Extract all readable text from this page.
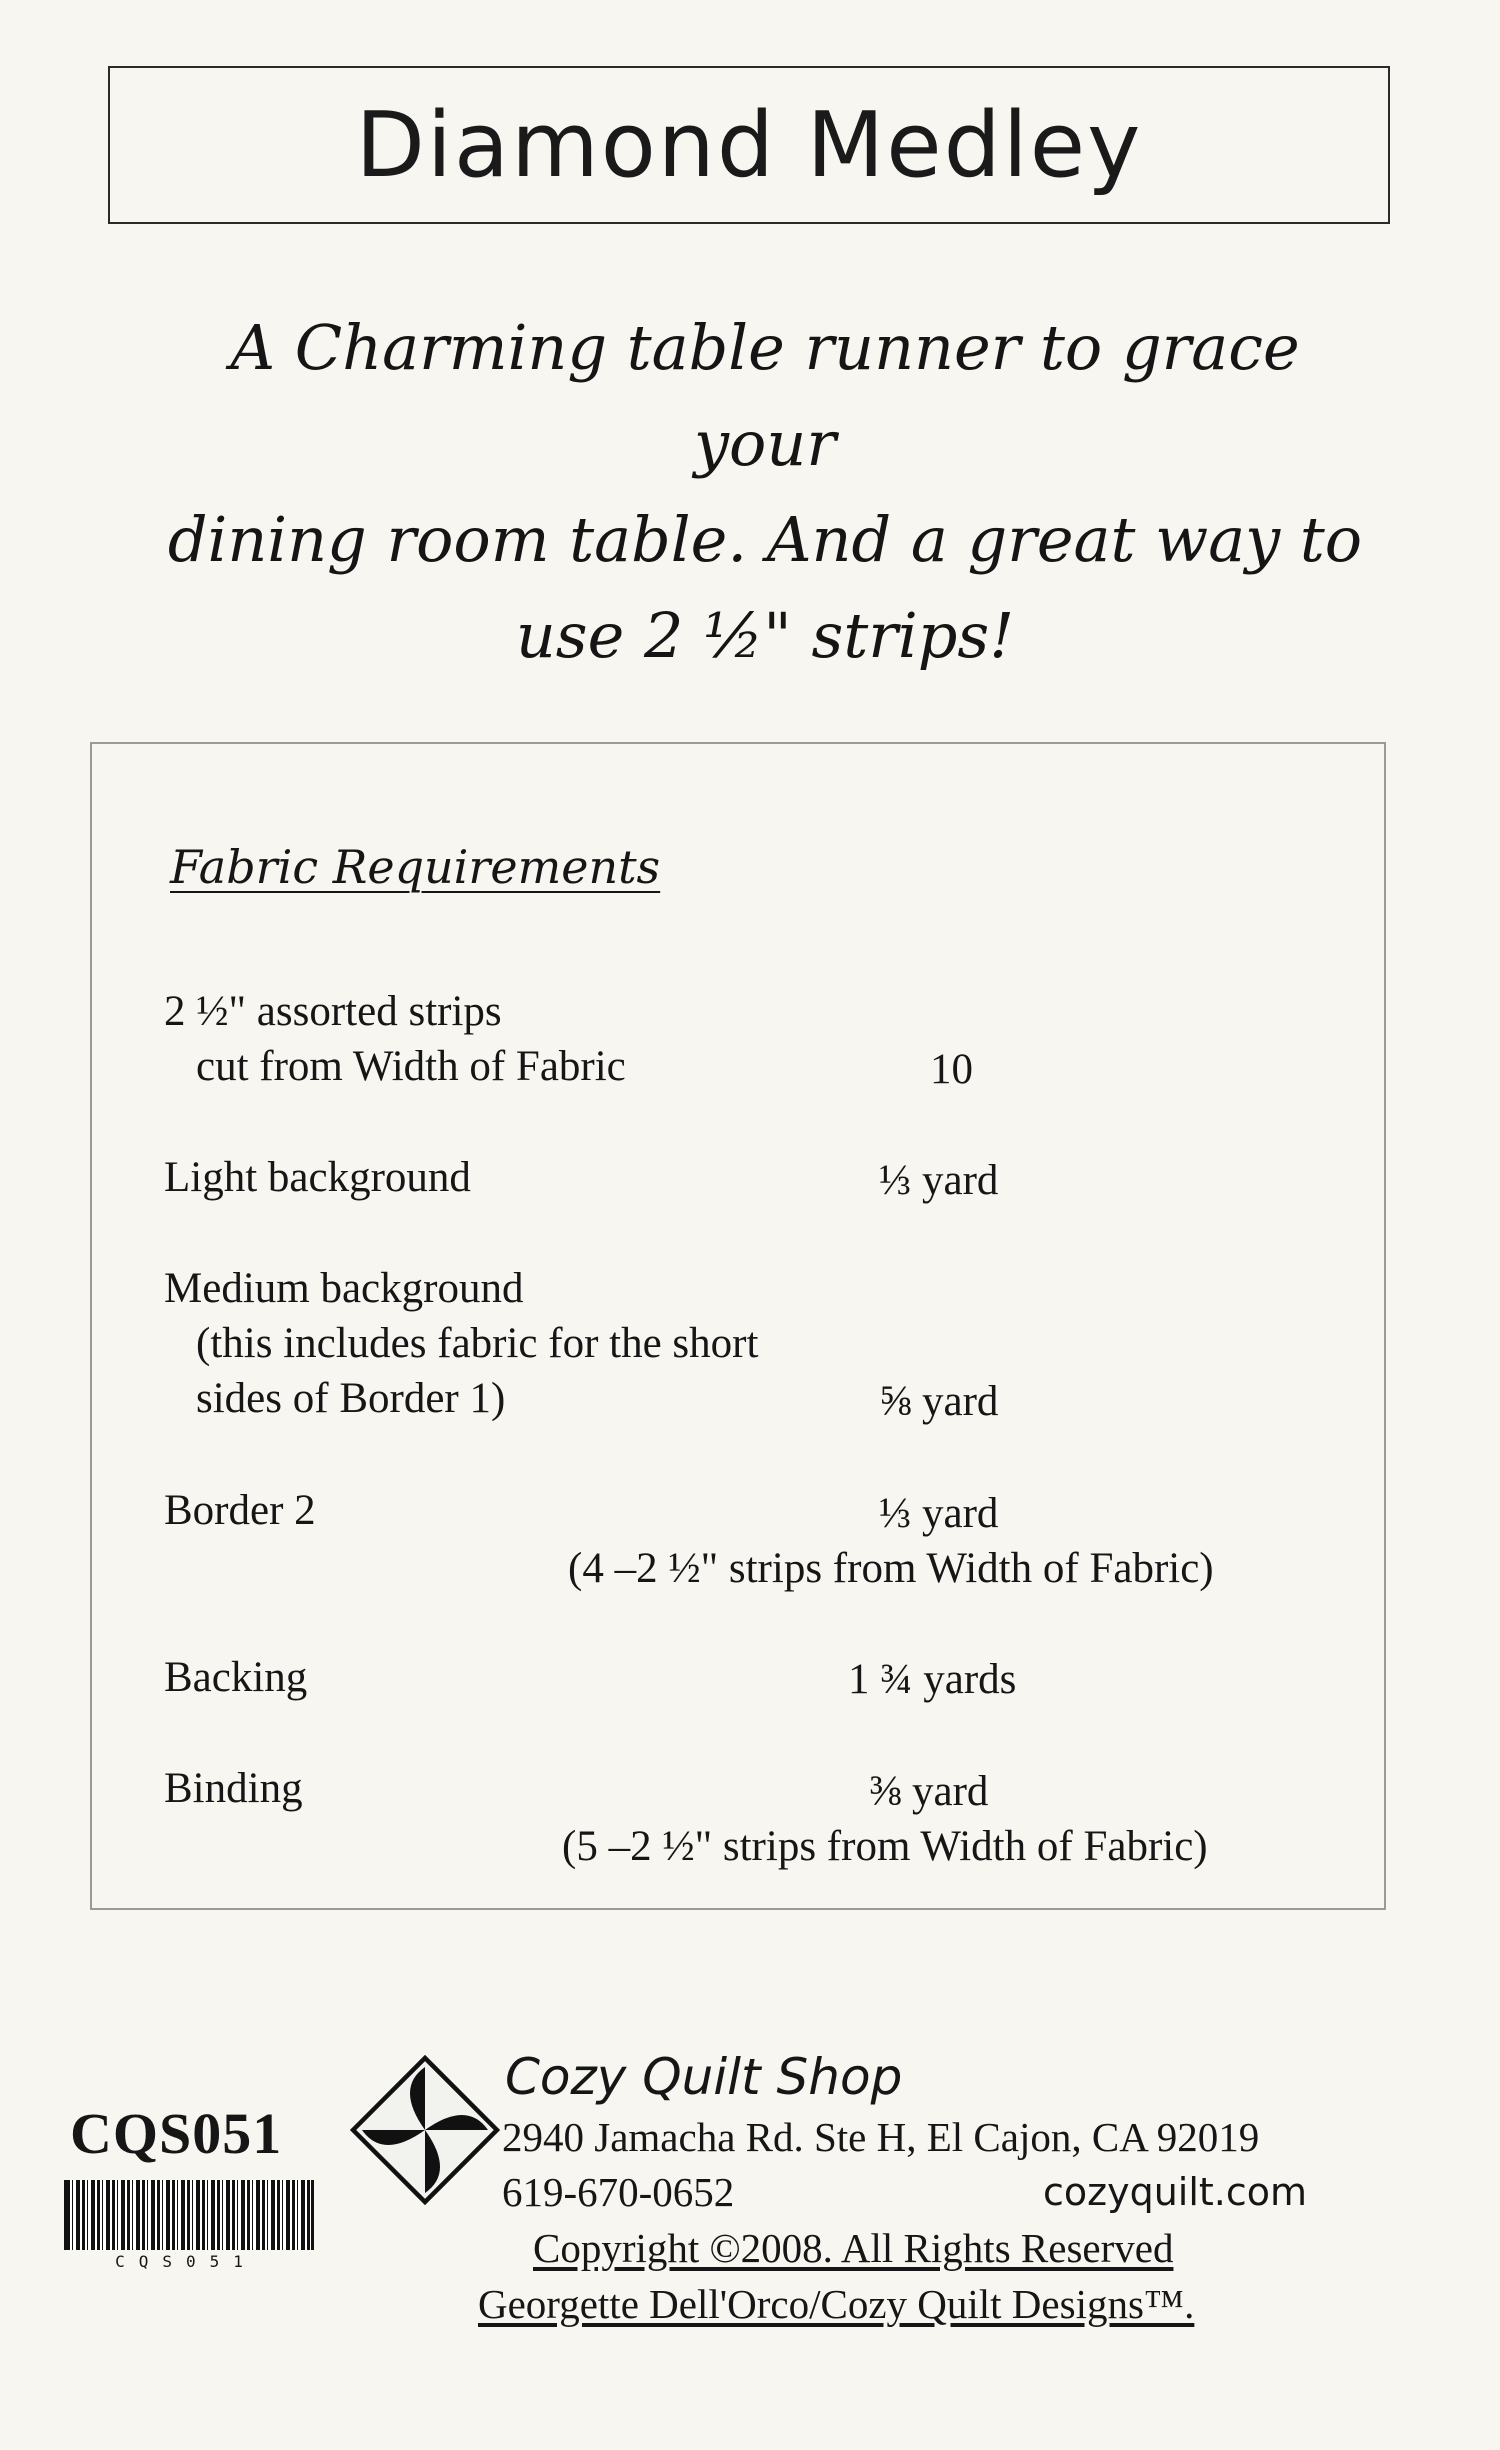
Diamond Medley
A Charming table runner to grace your
dining room table. And a great way to
use 2 ½" strips!
Fabric Requirements
2 ½" assorted strips
cut from Width of Fabric	10
Light background	⅓ yard
Medium background
(this includes fabric for the short
sides of Border 1)	⅝ yard
Border 2	⅓ yard
(4 –2 ½" strips from Width of Fabric)
Backing	1 ¾ yards
Binding	⅜ yard
(5 –2 ½" strips from Width of Fabric)
CQS051
CQS051
Cozy Quilt Shop
2940 Jamacha Rd. Ste H, El Cajon, CA 92019
619-670-0652	cozyquilt.com
Copyright ©2008. All Rights Reserved
Georgette Dell'Orco/Cozy Quilt Designs™.
